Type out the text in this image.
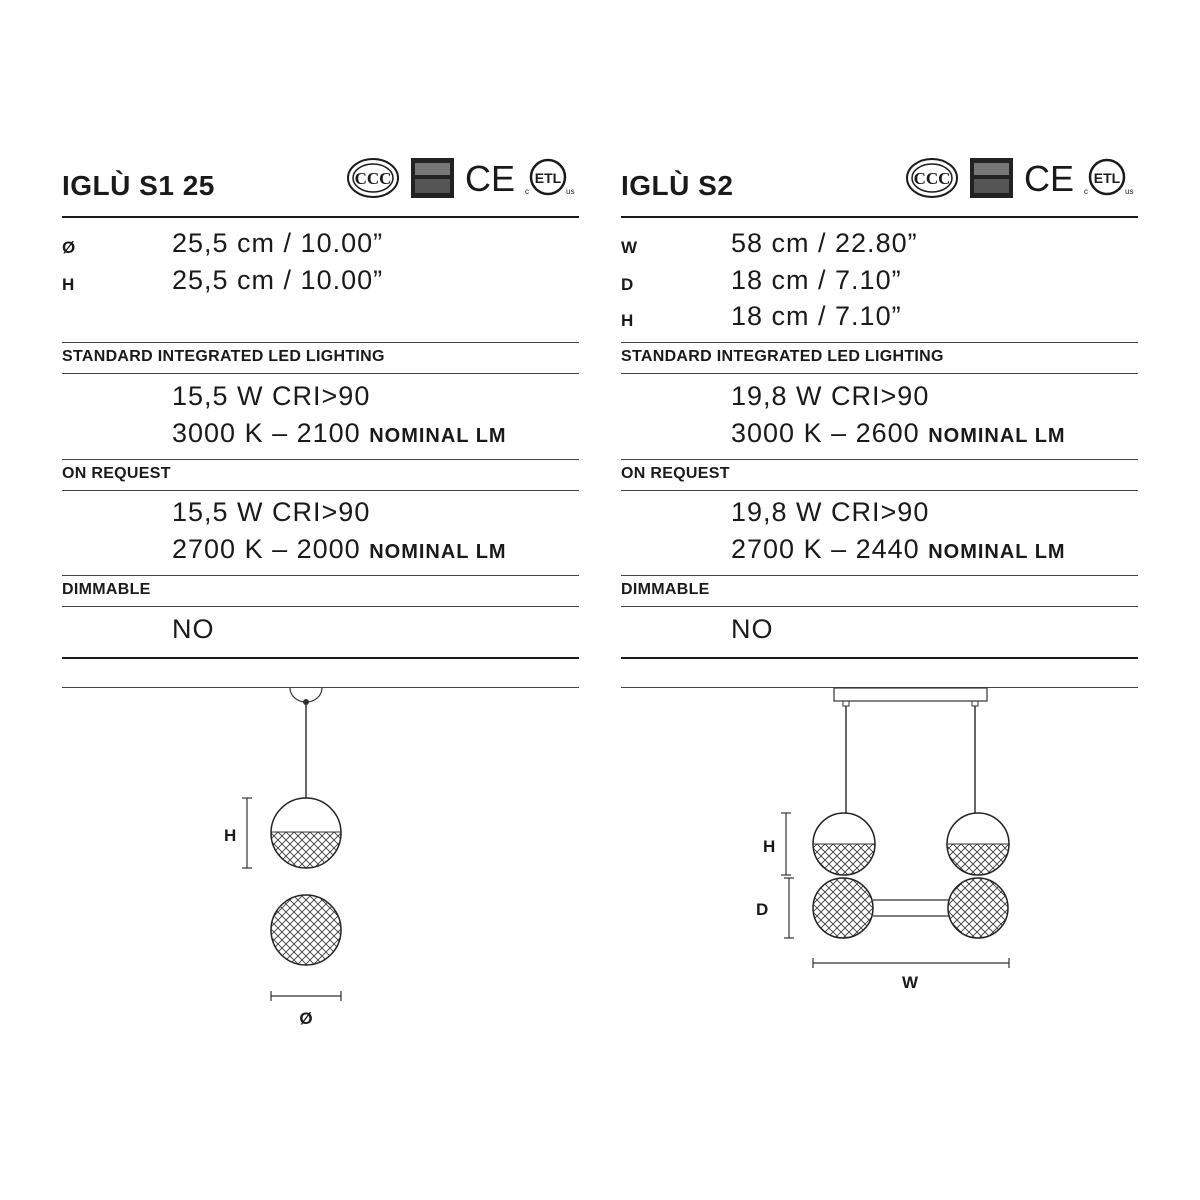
IGLÙ S1 25	CCC CE ETL
c	us
Ø	25,5 cm / 10.00”
H	25,5 cm / 10.00”
STANDARD INTEGRATED LED LIGHTING
15,5 W CRI>90
3000 K – 2100 NOMINAL LM
ON REQUEST
15,5 W CRI>90
2700 K – 2000 NOMINAL LM
DIMMABLE
NO
H
Ø
IGLÙ S2	CCC CE ETL
c	us
W	58 cm / 22.80”
D	18 cm / 7.10”
H	18 cm / 7.10”
STANDARD INTEGRATED LED LIGHTING
19,8 W CRI>90
3000 K – 2600 NOMINAL LM
ON REQUEST
19,8 W CRI>90
2700 K – 2440 NOMINAL LM
DIMMABLE
NO
H
D
W
